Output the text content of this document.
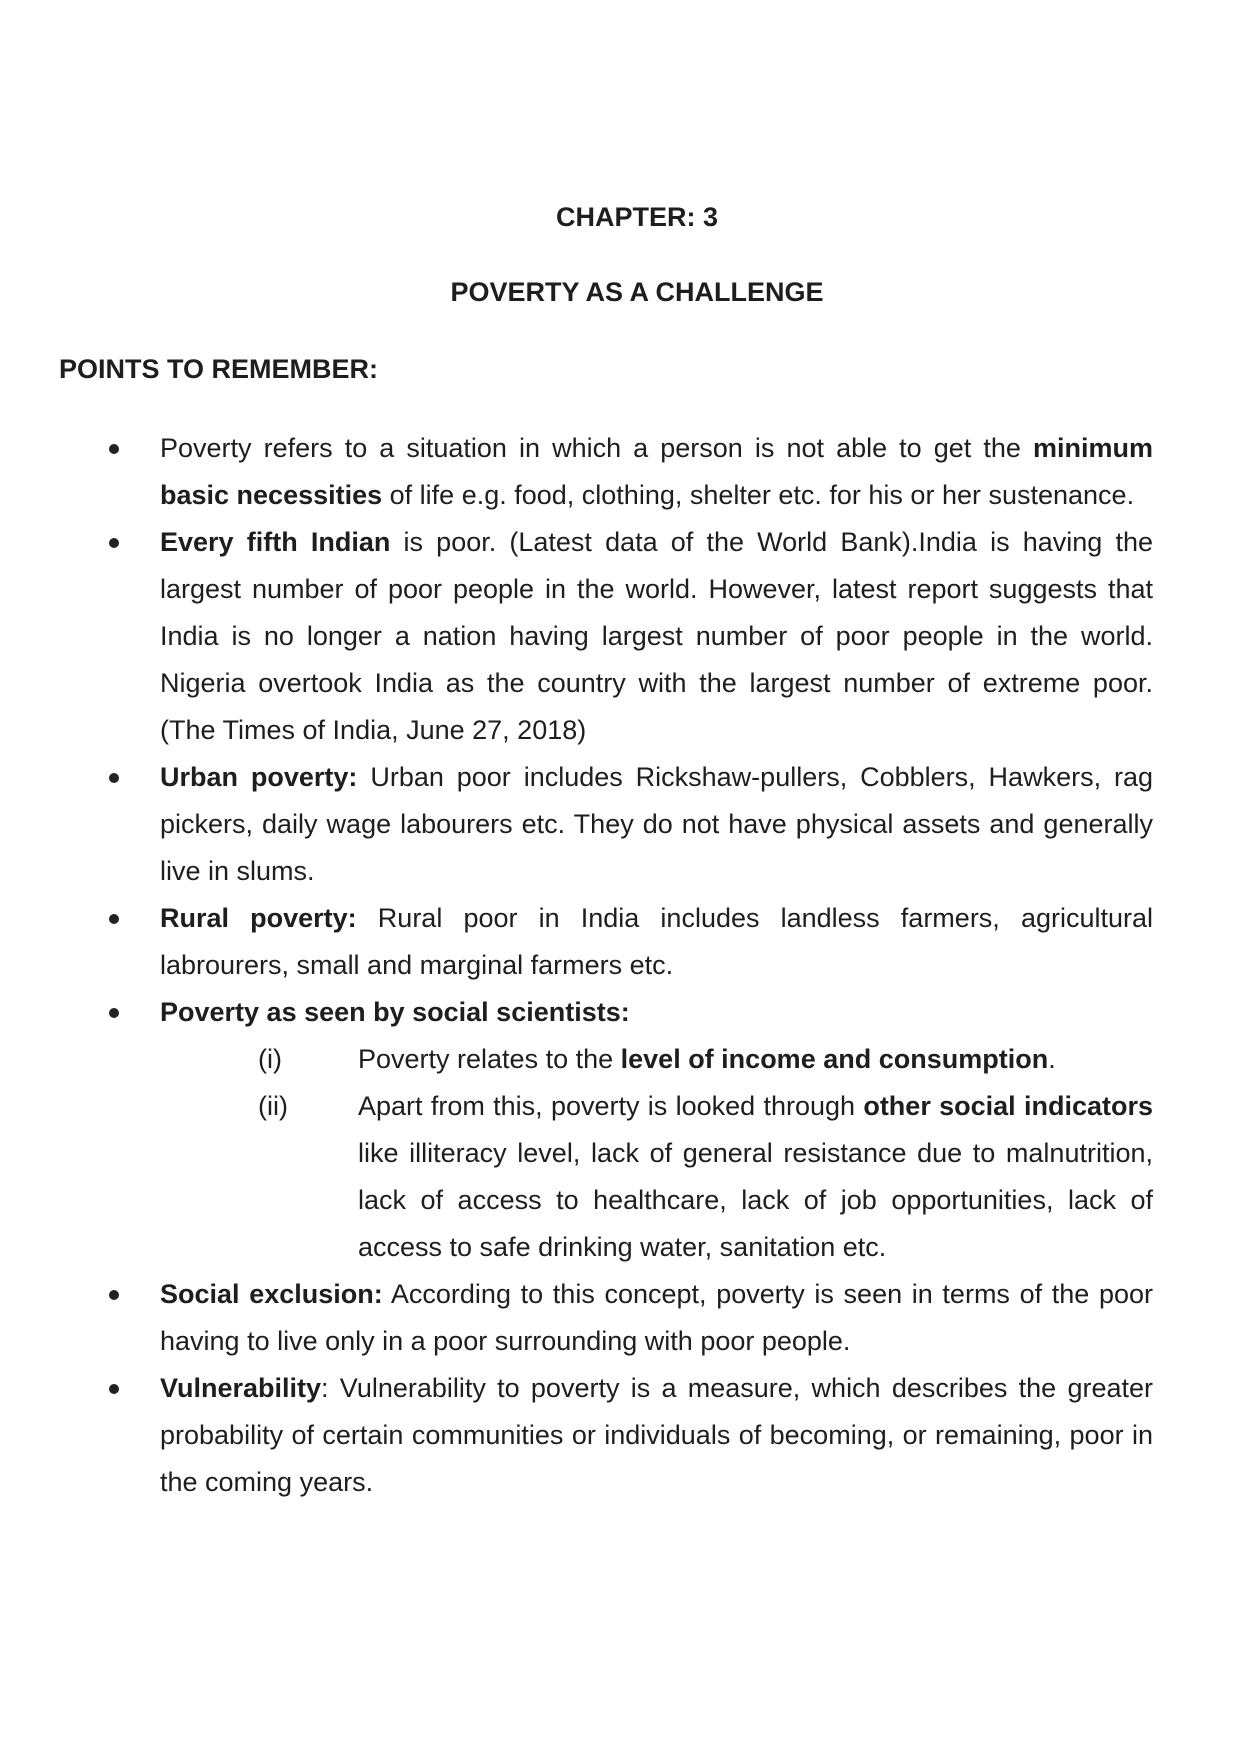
CHAPTER: 3
POVERTY AS A CHALLENGE
POINTS TO REMEMBER:
Poverty refers to a situation in which a person is not able to get the minimum basic necessities of life e.g. food, clothing, shelter etc. for his or her sustenance.
Every fifth Indian is poor. (Latest data of the World Bank).India is having the largest number of poor people in the world. However, latest report suggests that India is no longer a nation having largest number of poor people in the world. Nigeria overtook India as the country with the largest number of extreme poor. (The Times of India, June 27, 2018)
Urban poverty: Urban poor includes Rickshaw-pullers, Cobblers, Hawkers, rag pickers, daily wage labourers etc. They do not have physical assets and generally live in slums.
Rural poverty: Rural poor in India includes landless farmers, agricultural labrourers, small and marginal farmers etc.
Poverty as seen by social scientists:
(i)	Poverty relates to the level of income and consumption.
(ii)	Apart from this, poverty is looked through other social indicators like illiteracy level, lack of general resistance due to malnutrition, lack of access to healthcare, lack of job opportunities, lack of access to safe drinking water, sanitation etc.
Social exclusion: According to this concept, poverty is seen in terms of the poor having to live only in a poor surrounding with poor people.
Vulnerability: Vulnerability to poverty is a measure, which describes the greater probability of certain communities or individuals of becoming, or remaining, poor in the coming years.
